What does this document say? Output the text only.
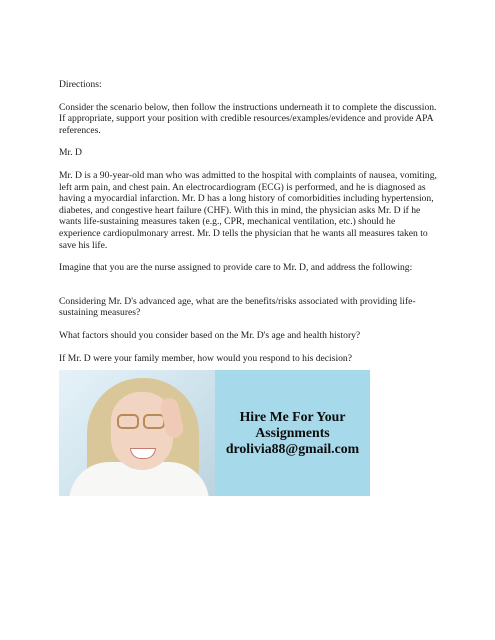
Directions:

Consider the scenario below, then follow the instructions underneath it to complete the discussion. If appropriate, support your position with credible resources/examples/evidence and provide APA references.

Mr. D

Mr. D is a 90-year-old man who was admitted to the hospital with complaints of nausea, vomiting, left arm pain, and chest pain. An electrocardiogram (ECG) is performed, and he is diagnosed as having a myocardial infarction. Mr. D has a long history of comorbidities including hypertension, diabetes, and congestive heart failure (CHF). With this in mind, the physician asks Mr. D if he wants life-sustaining measures taken (e.g., CPR, mechanical ventilation, etc.) should he experience cardiopulmonary arrest. Mr. D tells the physician that he wants all measures taken to save his life.

Imagine that you are the nurse assigned to provide care to Mr. D, and address the following:

Considering Mr. D's advanced age, what are the benefits/risks associated with providing life-sustaining measures?

What factors should you consider based on the Mr. D's age and health history?

If Mr. D were your family member, how would you respond to his decision?

Hire Me For Your
Assignments
drolivia88@gmail.com
